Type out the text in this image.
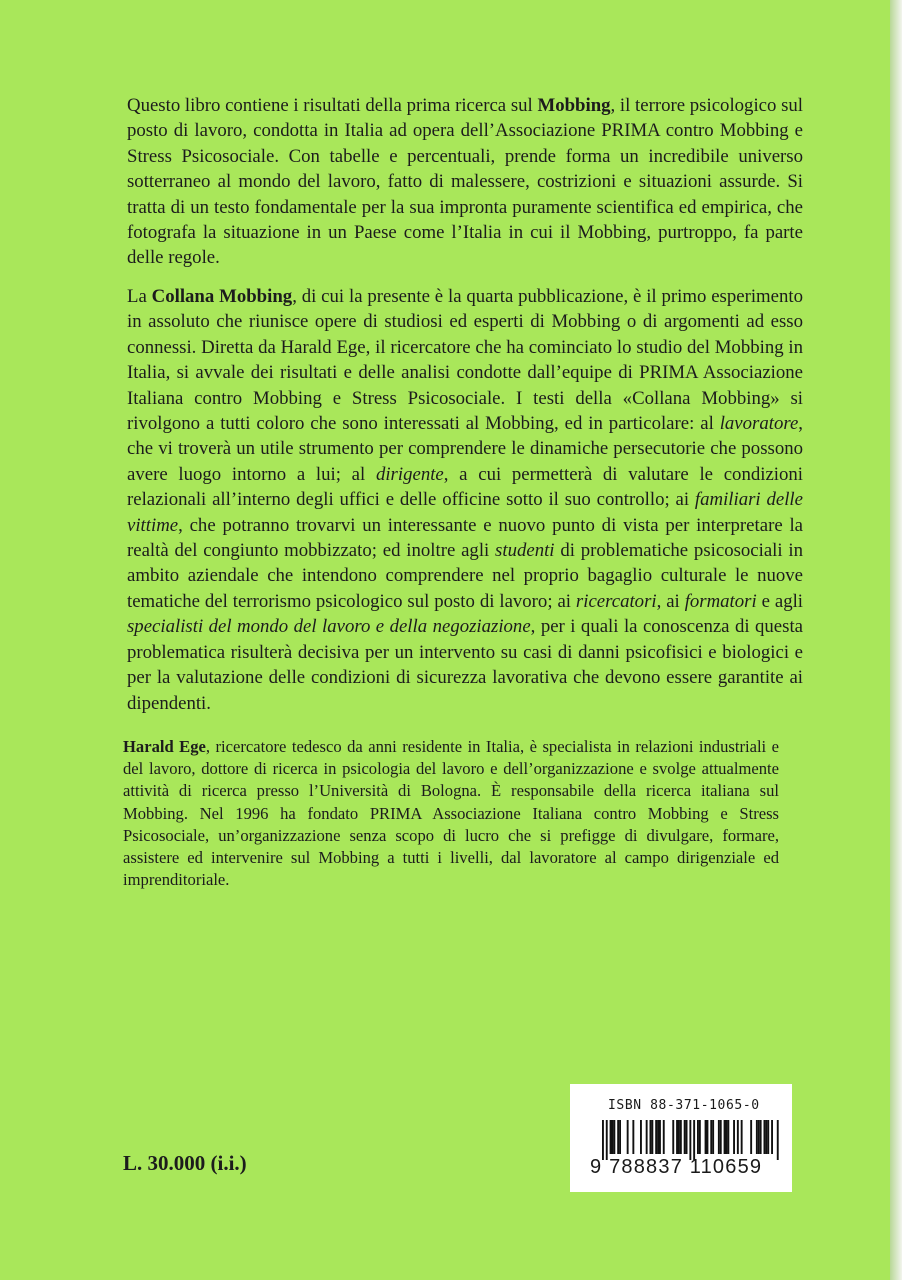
Questo libro contiene i risultati della prima ricerca sul Mobbing, il terrore psicologico sul posto di lavoro, condotta in Italia ad opera dell’Associazione PRIMA contro Mobbing e Stress Psicosociale. Con tabelle e percentuali, prende forma un incredibile universo sotterraneo al mondo del lavoro, fatto di malessere, costrizioni e situazioni assurde. Si tratta di un testo fondamentale per la sua impronta puramente scientifica ed empirica, che fotografa la situazione in un Paese come l’Italia in cui il Mobbing, purtroppo, fa parte delle regole.

La Collana Mobbing, di cui la presente è la quarta pubblicazione, è il primo esperimento in assoluto che riunisce opere di studiosi ed esperti di Mobbing o di argomenti ad esso connessi. Diretta da Harald Ege, il ricercatore che ha cominciato lo studio del Mobbing in Italia, si avvale dei risultati e delle analisi condotte dall’equipe di PRIMA Associazione Italiana contro Mobbing e Stress Psicosociale. I testi della «Collana Mobbing» si rivolgono a tutti coloro che sono interessati al Mobbing, ed in particolare: al lavoratore, che vi troverà un utile strumento per comprendere le dinamiche persecutorie che possono avere luogo intorno a lui; al dirigente, a cui permetterà di valutare le condizioni relazionali all’interno degli uffici e delle officine sotto il suo controllo; ai familiari delle vittime, che potranno trovarvi un interessante e nuovo punto di vista per interpretare la realtà del congiunto mobbizzato; ed inoltre agli studenti di problematiche psicosociali in ambito aziendale che intendono comprendere nel proprio bagaglio culturale le nuove tematiche del terrorismo psicologico sul posto di lavoro; ai ricercatori, ai formatori e agli specialisti del mondo del lavoro e della negoziazione, per i quali la conoscenza di questa problematica risulterà decisiva per un intervento su casi di danni psicofisici e biologici e per la valutazione delle condizioni di sicurezza lavorativa che devono essere garantite ai dipendenti.

Harald Ege, ricercatore tedesco da anni residente in Italia, è specialista in relazioni industriali e del lavoro, dottore di ricerca in psicologia del lavoro e dell’organizzazione e svolge attualmente attività di ricerca presso l’Università di Bologna. È responsabile della ricerca italiana sul Mobbing. Nel 1996 ha fondato PRIMA Associazione Italiana contro Mobbing e Stress Psicosociale, un’organizzazione senza scopo di lucro che si prefigge di divulgare, formare, assistere ed intervenire sul Mobbing a tutti i livelli, dal lavoratore al campo dirigenziale ed imprenditoriale.

L. 30.000 (i.i.)

ISBN 88-371-1065-0
9 788837 110659
